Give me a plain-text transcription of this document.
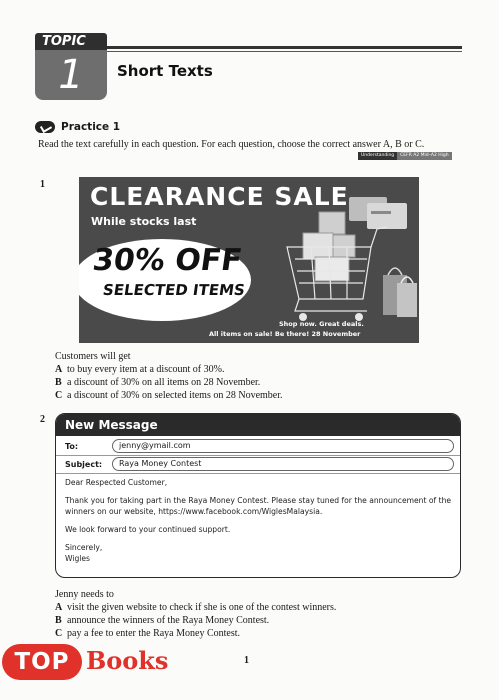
TOPIC
1	Short Texts
Practice 1
Read the text carefully in each question. For each question, choose the correct answer A, B or C.
Understanding	CEFR A2 Mid–A2 High
1 CLEARANCE SALE
While stocks last
30% OFF
SELECTED ITEMS
Shop now. Great deals.
All items on sale! Be there! 28 November
Customers will get
A to buy every item at a discount of 30%.
B a discount of 30% on all items on 28 November.
C a discount of 30% on selected items on 28 November.
2	New Message
To:	jenny@ymail.com
Subject:	Raya Money Contest

Dear Respected Customer,

Thank you for taking part in the Raya Money Contest. Please stay tuned for the announcement of the winners on our website, https://www.facebook.com/WiglesMalaysia.

We look forward to your continued support.

Sincerely,
Wigles
Jenny needs to
A visit the given website to check if she is one of the contest winners.
B announce the winners of the Raya Money Contest.
C pay a fee to enter the Raya Money Contest.
1
TOP Books
